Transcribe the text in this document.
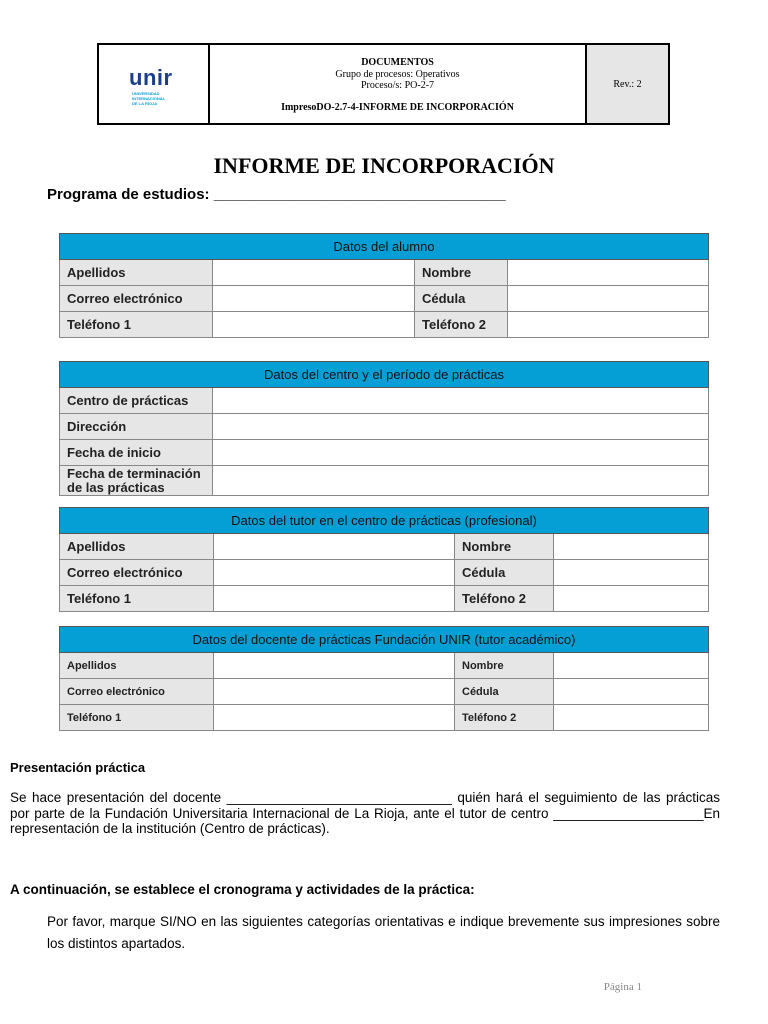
unir
UNIVERSIDAD
INTERNACIONAL
DE LA RIOJA
DOCUMENTOS
Grupo de procesos: Operativos
Proceso/s: PO-2-7
ImpresoDO-2.7-4-INFORME DE INCORPORACIÓN
Rev.: 2
INFORME DE INCORPORACIÓN
Programa de estudios: ___________________________________
Datos del alumno			
Apellidos		Nombre	
Correo electrónico		Cédula	
Teléfono 1		Teléfono 2	
Datos del centro y el período de prácticas	
Centro de prácticas	
Dirección	
Fecha de inicio	
Fecha de terminación de las prácticas	
Datos del tutor en el centro de prácticas (profesional)			
Apellidos		Nombre	
Correo electrónico		Cédula	
Teléfono 1		Teléfono 2	
Datos del docente de prácticas Fundación UNIR (tutor académico)			
Apellidos		Nombre	
Correo electrónico		Cédula	
Teléfono 1		Teléfono 2	
Presentación práctica
Se hace presentación del docente ______________________________ quién hará el seguimiento de las prácticas por parte de la Fundación Universitaria Internacional de La Rioja, ante el tutor de centro ____________________En representación de la institución (Centro de prácticas).
A continuación, se establece el cronograma y actividades de la práctica:
Por favor, marque SI/NO en las siguientes categorías orientativas e indique brevemente sus impresiones sobre los distintos apartados.
Página 1
